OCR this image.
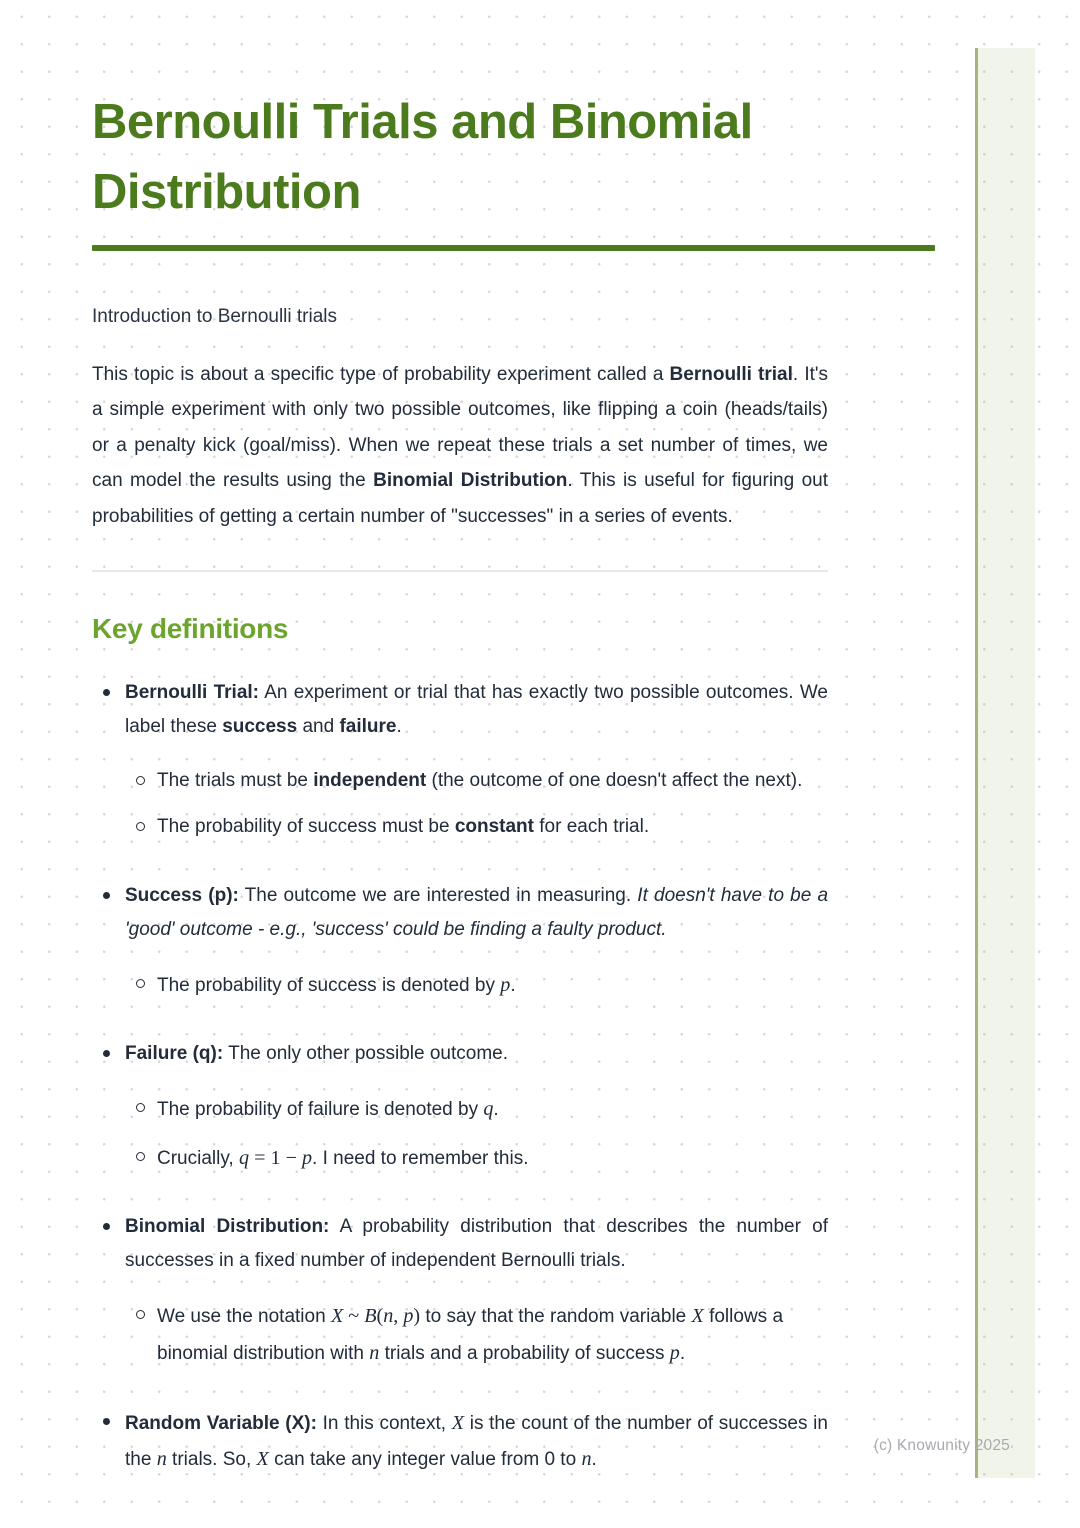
Bernoulli Trials and Binomial Distribution
Introduction to Bernoulli trials

This topic is about a specific type of probability experiment called a Bernoulli trial. It's a simple experiment with only two possible outcomes, like flipping a coin (heads/tails) or a penalty kick (goal/miss). When we repeat these trials a set number of times, we can model the results using the Binomial Distribution. This is useful for figuring out probabilities of getting a certain number of "successes" in a series of events.

Key definitions
Bernoulli Trial: An experiment or trial that has exactly two possible outcomes. We label these success and failure.
The trials must be independent (the outcome of one doesn't affect the next).
The probability of success must be constant for each trial.
Success (p): The outcome we are interested in measuring. It doesn't have to be a 'good' outcome - e.g., 'success' could be finding a faulty product.
The probability of success is denoted by p.
Failure (q): The only other possible outcome.
The probability of failure is denoted by q.
Crucially, q = 1 − p. I need to remember this.
Binomial Distribution: A probability distribution that describes the number of successes in a fixed number of independent Bernoulli trials.
We use the notation X ~ B(n, p) to say that the random variable X follows a binomial distribution with n trials and a probability of success p.
Random Variable (X): In this context, X is the count of the number of successes in the n trials. So, X can take any integer value from 0 to n.
(c) Knowunity 2025
